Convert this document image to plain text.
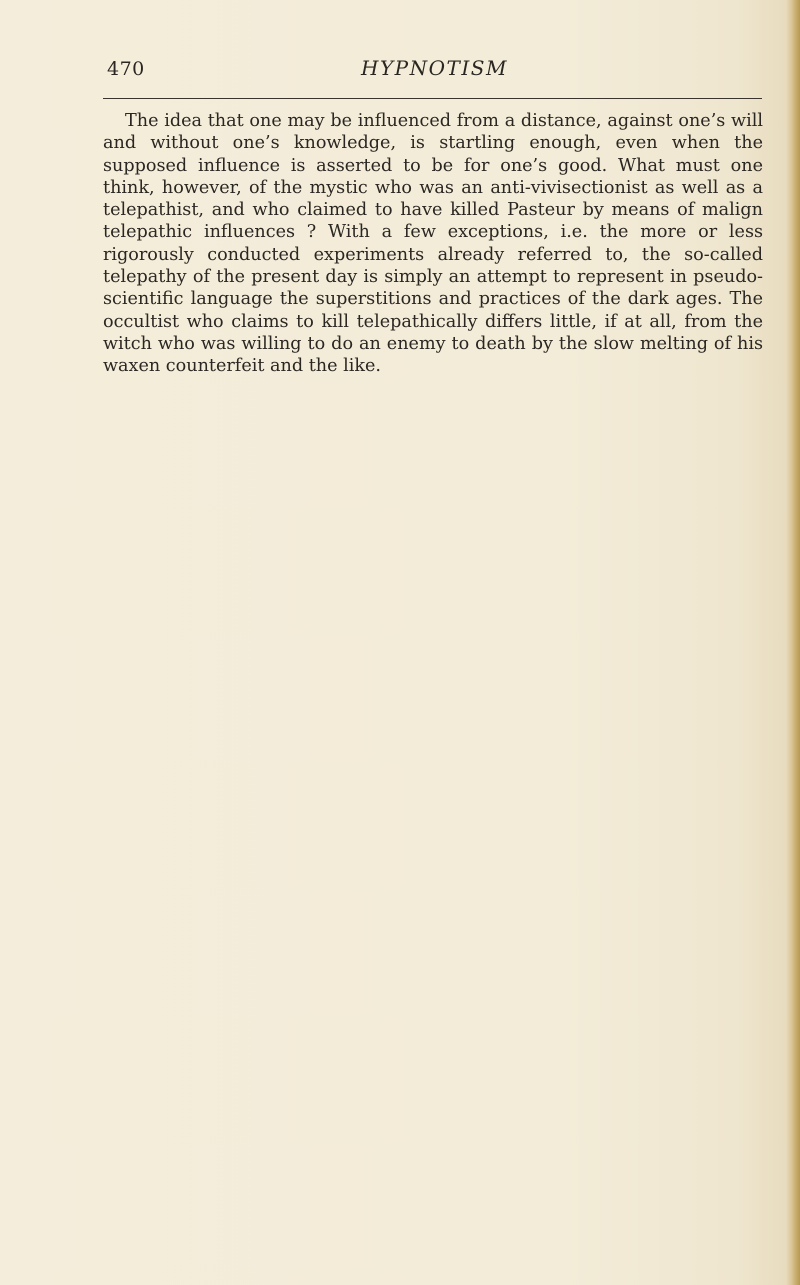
470	HYPNOTISM

The idea that one may be influenced from a distance, against one’s will and without one’s knowledge, is startling enough, even when the supposed influence is asserted to be for one’s good. What must one think, however, of the mystic who was an anti-vivisectionist as well as a telepathist, and who claimed to have killed Pasteur by means of malign telepathic influences ? With a few exceptions, i.e. the more or less rigorously conducted experiments already referred to, the so-called telepathy of the present day is simply an attempt to represent in pseudo-scientific language the superstitions and practices of the dark ages. The occultist who claims to kill telepathically differs little, if at all, from the witch who was willing to do an enemy to death by the slow melting of his waxen counterfeit and the like.
